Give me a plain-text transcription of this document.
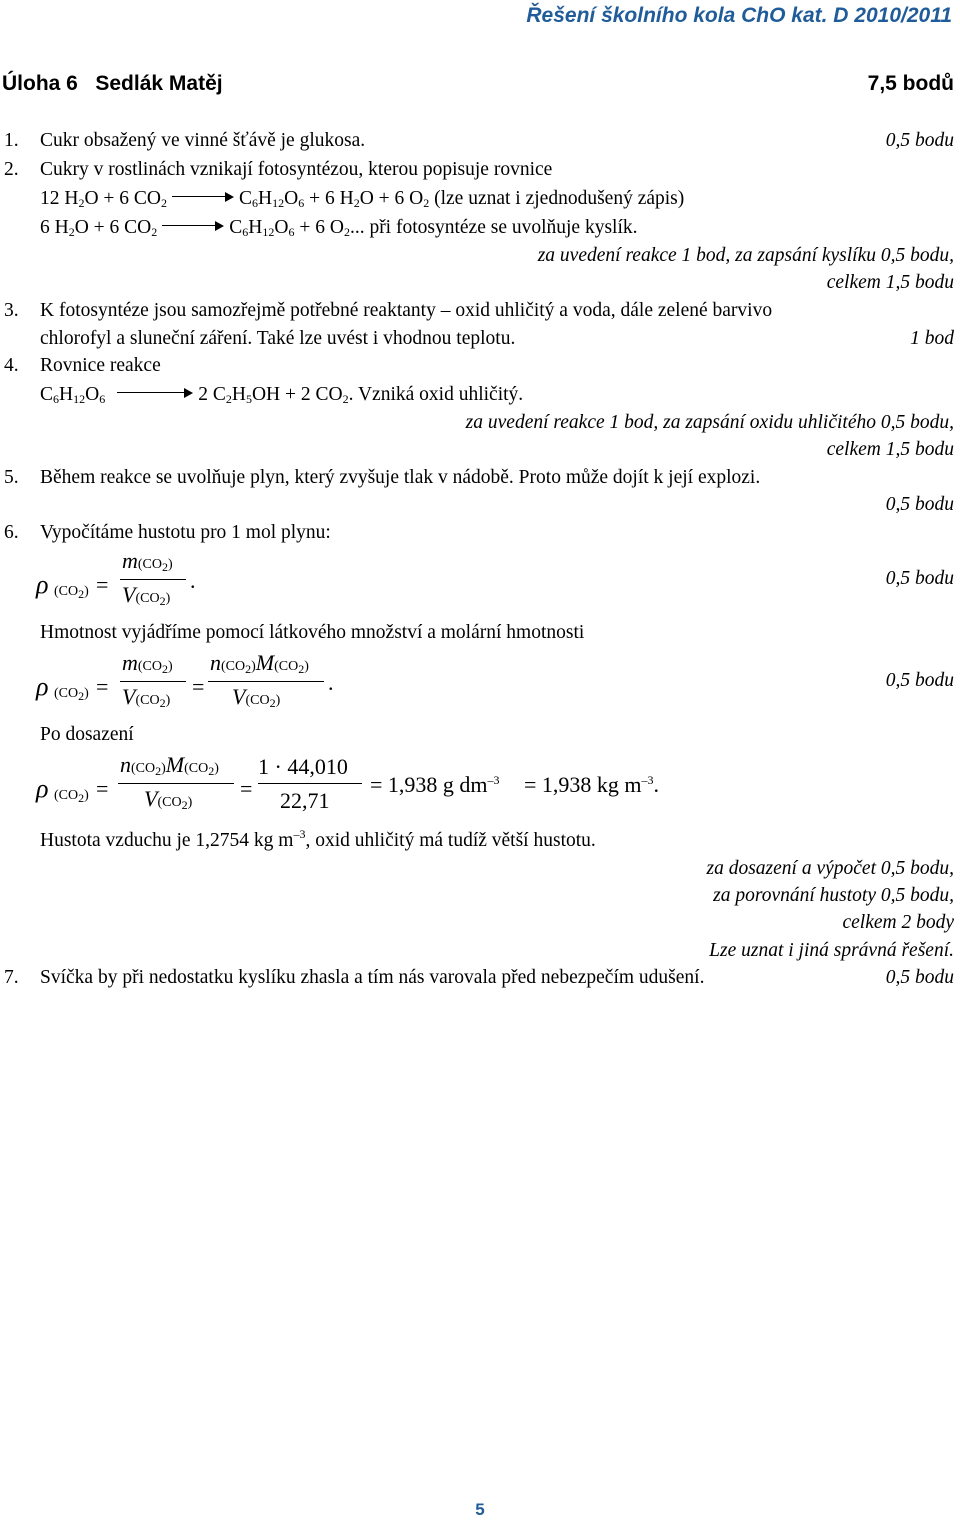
Řešení školního kola ChO kat. D 2010/2011
Úloha 6 Sedlák Matěj	7,5 bodů
1. Cukr obsažený ve vinné šťávě je glukosa.	0,5 bodu
2. Cukry v rostlinách vznikají fotosyntézou, kterou popisuje rovnice
12 $H_2O + 6$ $CO_2$	$C_6H_{12}O_6 + 6$ $H_2O + 6$ $O_2$ (lze uznat i zjednodušený zápis)
6 $H_2O + 6$ $CO_2$	$C_6H_{12}O_6 + 6$ $O_2$... při fotosyntéze se uvolňuje kyslík.
za uvedení reakce 1 bod, za zapsání kyslíku 0,5 bodu,
celkem 1,5 bodu
3. K fotosyntéze jsou samozřejmě potřebné reaktanty – oxid uhličitý a voda, dále zelené barvivo
chlorofyl a sluneční záření. Také lze uvést i vhodnou teplotu.	1 bod
4. Rovnice reakce
$C_6H_{12}O_6$	2 $C_2H_5OH + 2$ $CO_2$. Vzniká oxid uhličitý.
za uvedení reakce 1 bod, za zapsání oxidu uhličitého 0,5 bodu,
celkem 1,5 bodu
5. Během reakce se uvolňuje plyn, který zvyšuje tlak v nádobě. Proto může dojít k její explozi.
0,5 bodu
6. Vypočítáme hustotu pro 1 mol plynu:
ρ $(CO_2)$ =
$m(CO_2)$
$V(CO_2)$
.	0,5 bodu
Hmotnost vyjádříme pomocí látkového množství a molární hmotnosti
ρ $(CO_2)$ =
$m(CO_2)$
$V(CO_2)$
=
$n(CO_2)M(CO_2)$
$V(CO_2)$
.	0,5 bodu
Po dosazení
ρ $(CO_2)$ =
$n(CO_2)M(CO_2)$
$V(CO_2)$
=
1 · 44,010
22,71
= 1,938 g $dm^{-3} = 1,938$ kg $m^{-3}$.
Hustota vzduchu je 1,2754 kg $m^{-3}$, oxid uhličitý má tudíž větší hustotu.
za dosazení a výpočet 0,5 bodu,
za porovnání hustoty 0,5 bodu,
celkem 2 body
Lze uznat i jiná správná řešení.
7. Svíčka by při nedostatku kyslíku zhasla a tím nás varovala před nebezpečím udušení.	0,5 bodu
5
